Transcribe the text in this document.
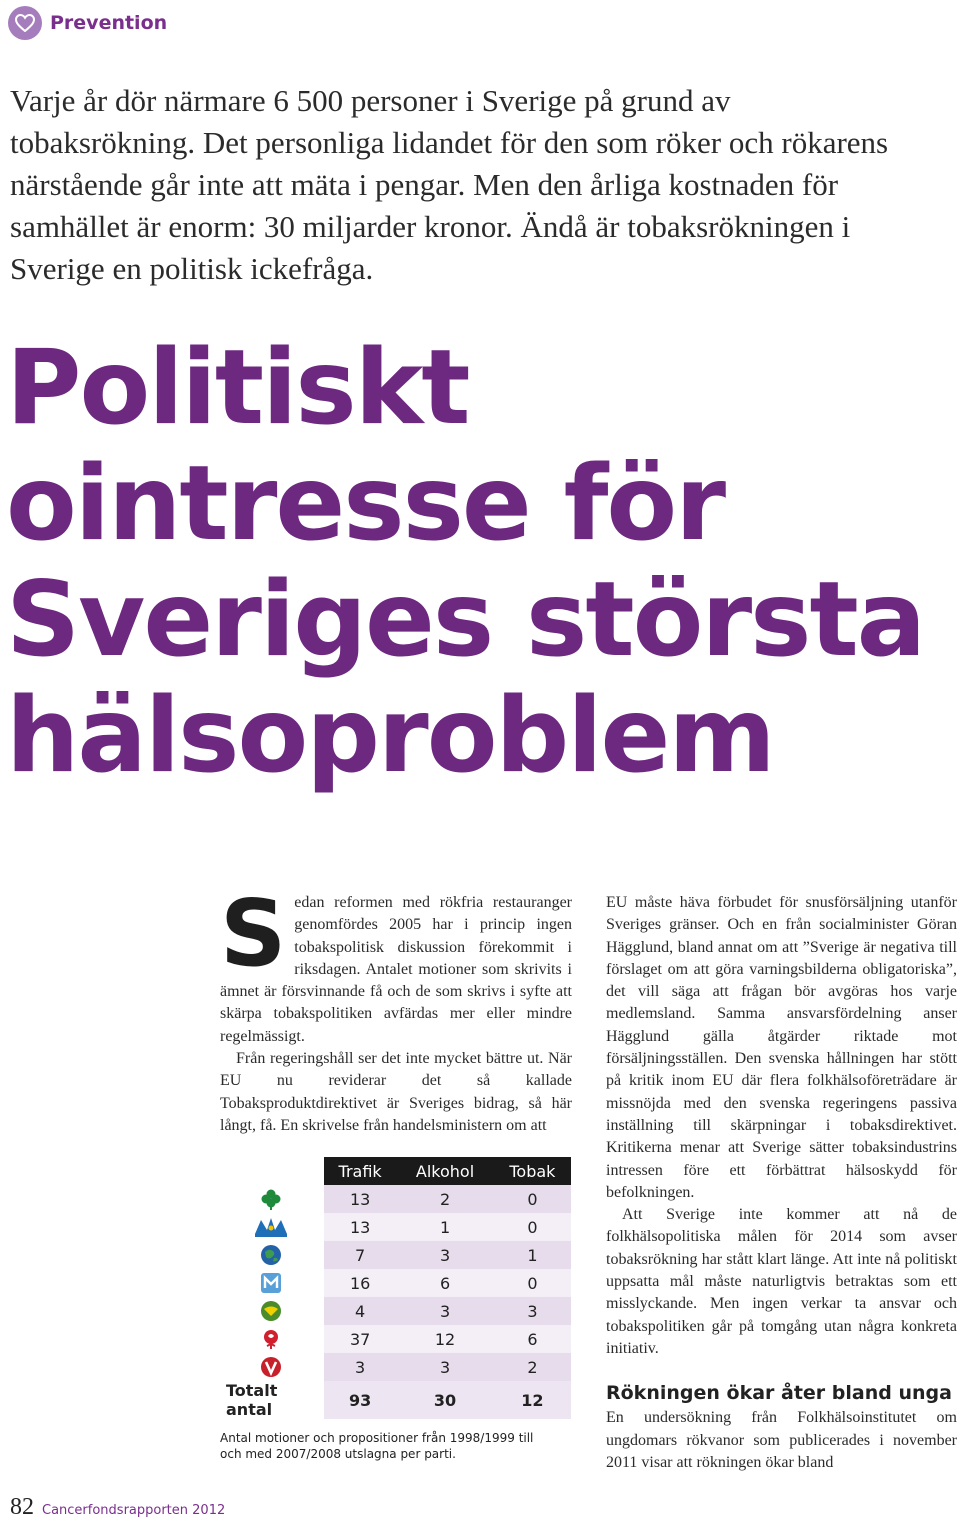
Prevention

Varje år dör närmare 6 500 personer i Sverige på grund av tobaksrökning. Det personliga lidandet för den som röker och rökarens närstående går inte att mäta i pengar. Men den årliga kostnaden för samhället är enorm: 30 miljarder kronor. Ändå är tobaksrökningen i Sverige en politisk ickefråga.

Politiskt
ointresse för
Sveriges största
hälsoproblem

Sedan reformen med rökfria restauranger genomfördes 2005 har i princip ingen tobakspolitisk diskussion förekommit i riksdagen. Antalet motioner som skrivits i ämnet är försvinnande få och de som skrivs i syfte att skärpa tobakspolitiken avfärdas mer eller mindre regelmässigt.

Från regeringshåll ser det inte mycket bättre ut. När EU nu reviderar det så kallade Tobaksproduktdirektivet är Sveriges bidrag, så här långt, få. En skrivelse från handelsministern om att

	Trafik	Alkohol	Tobak
	13	2	0
	13	1	0
	7	3	1
	16	6	0
	4	3	3
	37	12	6
	3	3	2
Totalt antal	93	30	12

Antal motioner och propositioner från 1998/1999 till och med 2007/2008 utslagna per parti.

EU måste häva förbudet för snusförsäljning utanför Sveriges gränser. Och en från socialminister Göran Hägglund, bland annat om att ”Sverige är negativa till förslaget om att göra varningsbilderna obligatoriska”, det vill säga att frågan bör avgöras hos varje medlemsland. Samma ansvarsfördelning anser Hägglund gälla åtgärder riktade mot försäljningsställen. Den svenska hållningen har stött på kritik inom EU där flera folkhälsoföreträdare är missnöjda med den svenska regeringens passiva inställning till skärpningar i tobaksdirektivet. Kritikerna menar att Sverige sätter tobaksindustrins intressen före ett förbättrat hälsoskydd för befolkningen.

Att Sverige inte kommer att nå de folkhälsopolitiska målen för 2014 som avser tobaksrökning har stått klart länge. Att inte nå politiskt uppsatta mål måste naturligtvis betraktas som ett misslyckande. Men ingen verkar ta ansvar och tobakspolitiken går på tomgång utan några konkreta initiativ.

Rökningen ökar åter bland unga

En undersökning från Folkhälsoinstitutet om ungdomars rökvanor som publicerades i november 2011 visar att rökningen ökar bland

82 Cancerfondsrapporten 2012
